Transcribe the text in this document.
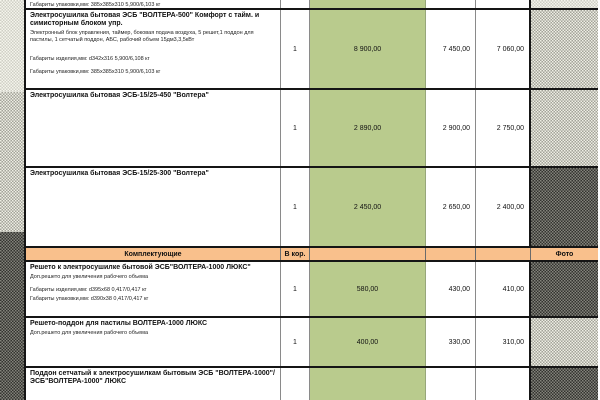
Габариты упаковки,мм: 385х385х310 5,900/6,103 кг
Электросушилка бытовая ЭСБ "ВОЛТЕРА-500" Комфорт с тайм. и симисторным блоком упр.
Электронный блок управления, таймер, боковая подача воздуха, 5 решет,1 поддон для пастилы, 1 сетчатый поддон, АБС, рабочий объем 15дм3,3,5кВт
Габариты изделия,мм: d342х316 5,900/6,108 кг
Габариты упаковки,мм: 385х385х310 5,900/6,103 кг
1	8 900,00	7 450,00	7 060,00
Электросушилка бытовая ЭСБ-15/25-450 "Волтера"
1	2 890,00	2 900,00	2 750,00
Электросушилка бытовая ЭСБ-15/25-300 "Волтера"
1	2 450,00	2 650,00	2 400,00
Комплектующие	В кор.	Фото
Решето к электросушилке бытовой ЭСБ"ВОЛТЕРА-1000 ЛЮКС"
Доп.решето для увеличения рабочего объема
Габариты изделия,мм: d395х68 0,417/0,417 кг
Габариты упаковки,мм: d390х38 0,417/0,417 кг
1	580,00	430,00	410,00
Решето-поддон для пастилы ВОЛТЕРА-1000 ЛЮКС
Доп.решето для увеличения рабочего объема
1	400,00	330,00	310,00
Поддон сетчатый к электросушилкам бытовым ЭСБ "ВОЛТЕРА-1000"/ЭСБ"ВОЛТЕРА-1000" ЛЮКС
